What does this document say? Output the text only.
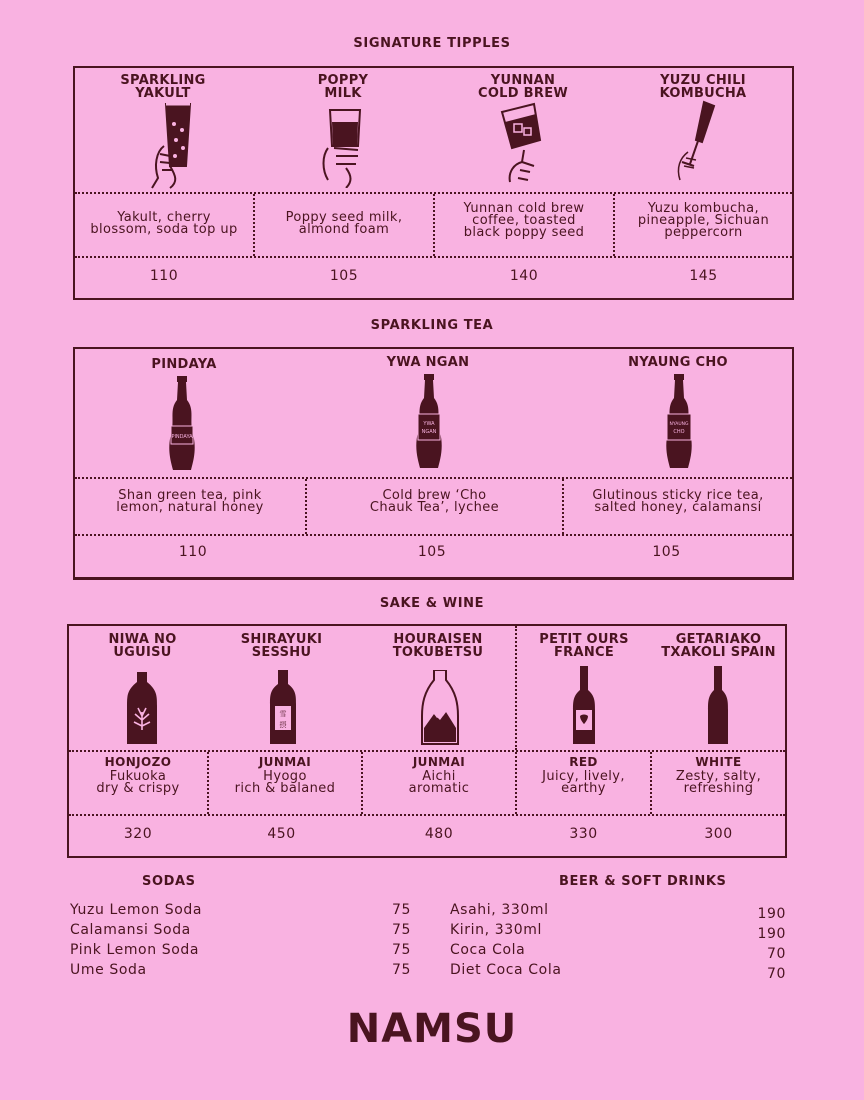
SIGNATURE TIPPLES
SPARKLING
YAKULT
Yakult, cherry
blossom, soda top up
110
POPPY
MILK
Poppy seed milk,
almond foam
105
YUNNAN
COLD BREW
Yunnan cold brew
coffee, toasted
black poppy seed
140
YUZU CHILI
KOMBUCHA
Yuzu kombucha,
pineapple, Sichuan
peppercorn
145
SPARKLING TEA
PINDAYA
PINDAYA
Shan green tea, pink
lemon, natural honey
110
YWA NGAN
YWA
NGAN
Cold brew ‘Cho
Chauk Tea’, lychee
105
NYAUNG CHO
NYAUNG
CHO
Glutinous sticky rice tea,
salted honey, calamansi
105
SAKE & WINE
NIWA NO
UGUISU
HONJOZO
Fukuoka
dry & crispy
320
SHIRAYUKI
SESSHU
雪
摂
JUNMAI
Hyogo
rich & balaned
450
HOURAISEN
TOKUBETSU
JUNMAI
Aichi
aromatic
480
PETIT OURS
FRANCE
RED
Juicy, lively,
earthy
330
GETARIAKO
TXAKOLI SPAIN
WHITE
Zesty, salty,
refreshing
300
SODAS
Yuzu Lemon Soda	75
Calamansi Soda	75
Pink Lemon Soda	75
Ume Soda	75
BEER & SOFT DRINKS
Asahi, 330ml	190
Kirin, 330ml	190
Coca Cola	70
Diet Coca Cola	70
NAMSU
